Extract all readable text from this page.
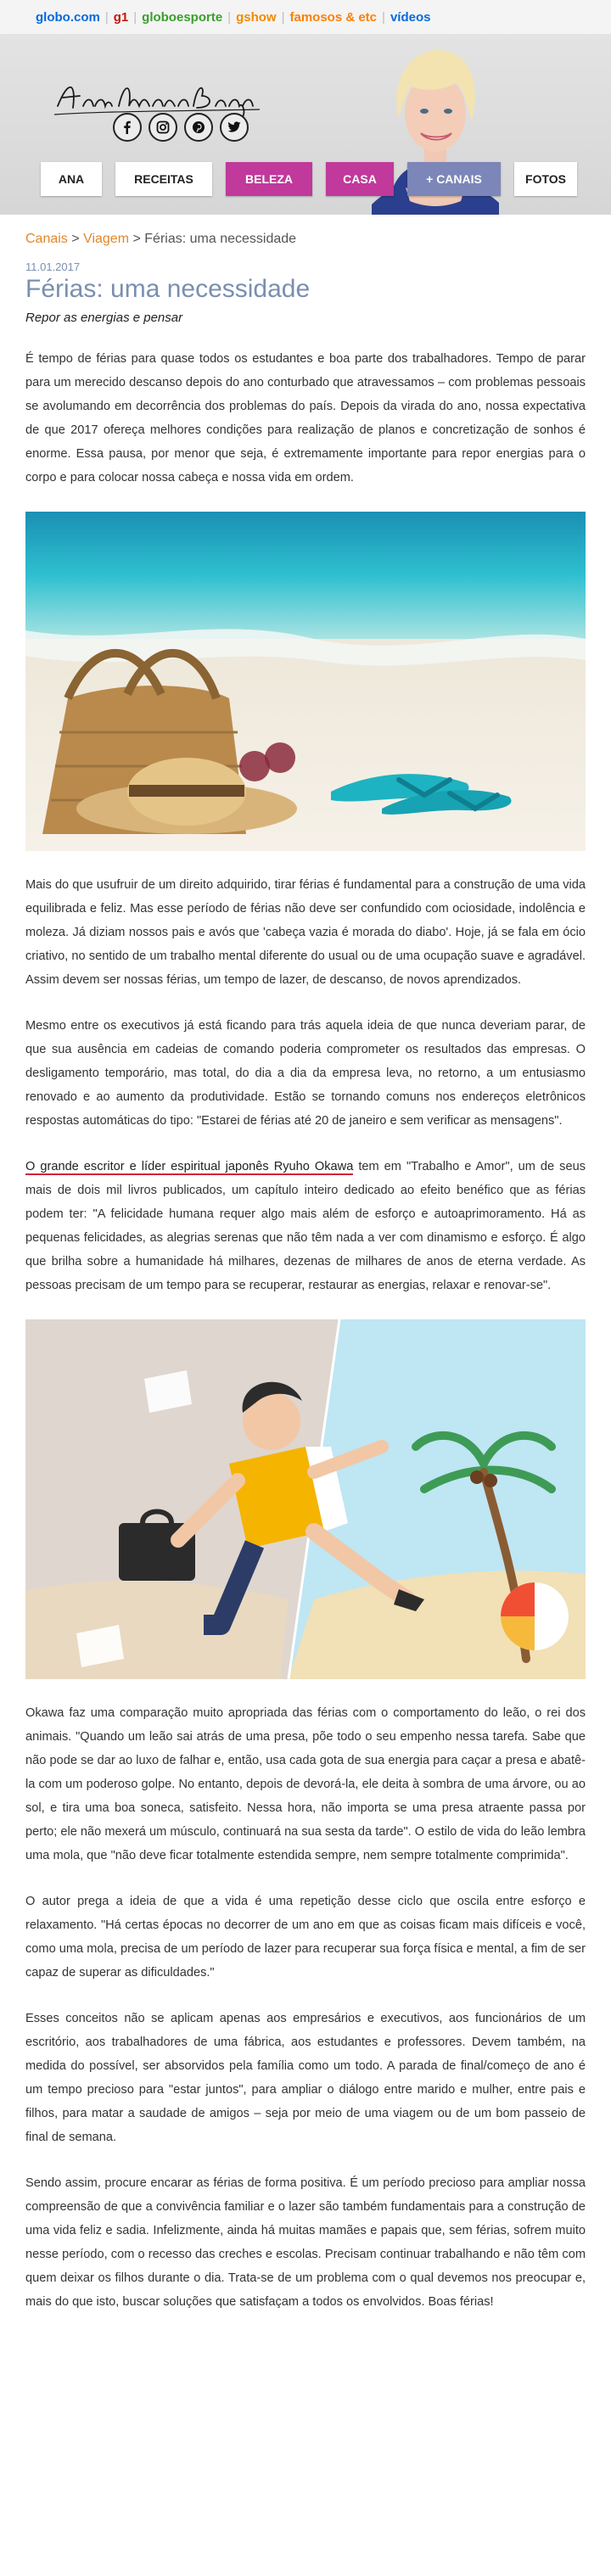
globo.com | g1 | globoesporte | gshow | famosos & etc | vídeos
ANA	RECEITAS	BELEZA	CASA	+ CANAIS	FOTOS
Canais > Viagem > Férias: uma necessidade
11.01.2017
Férias: uma necessidade
Repor as energias e pensar

É tempo de férias para quase todos os estudantes e boa parte dos trabalhadores. Tempo de parar para um merecido descanso depois do ano conturbado que atravessamos – com problemas pessoais se avolumando em decorrência dos problemas do país. Depois da virada do ano, nossa expectativa de que 2017 ofereça melhores condições para realização de planos e concretização de sonhos é enorme. Essa pausa, por menor que seja, é extremamente importante para repor energias para o corpo e para colocar nossa cabeça e nossa vida em ordem.

Mais do que usufruir de um direito adquirido, tirar férias é fundamental para a construção de uma vida equilibrada e feliz. Mas esse período de férias não deve ser confundido com ociosidade, indolência e moleza. Já diziam nossos pais e avós que 'cabeça vazia é morada do diabo'. Hoje, já se fala em ócio criativo, no sentido de um trabalho mental diferente do usual ou de uma ocupação suave e agradável. Assim devem ser nossas férias, um tempo de lazer, de descanso, de novos aprendizados.

Mesmo entre os executivos já está ficando para trás aquela ideia de que nunca deveriam parar, de que sua ausência em cadeias de comando poderia comprometer os resultados das empresas. O desligamento temporário, mas total, do dia a dia da empresa leva, no retorno, a um entusiasmo renovado e ao aumento da produtividade. Estão se tornando comuns nos endereços eletrônicos respostas automáticas do tipo: "Estarei de férias até 20 de janeiro e sem verificar as mensagens".

O grande escritor e líder espiritual japonês Ryuho Okawa tem em "Trabalho e Amor", um de seus mais de dois mil livros publicados, um capítulo inteiro dedicado ao efeito benéfico que as férias podem ter: "A felicidade humana requer algo mais além de esforço e autoaprimoramento. Há as pequenas felicidades, as alegrias serenas que não têm nada a ver com dinamismo e esforço. É algo que brilha sobre a humanidade há milhares, dezenas de milhares de anos de eterna verdade. As pessoas precisam de um tempo para se recuperar, restaurar as energias, relaxar e renovar-se".

Okawa faz uma comparação muito apropriada das férias com o comportamento do leão, o rei dos animais. "Quando um leão sai atrás de uma presa, põe todo o seu empenho nessa tarefa. Sabe que não pode se dar ao luxo de falhar e, então, usa cada gota de sua energia para caçar a presa e abatê-la com um poderoso golpe. No entanto, depois de devorá-la, ele deita à sombra de uma árvore, ou ao sol, e tira uma boa soneca, satisfeito. Nessa hora, não importa se uma presa atraente passa por perto; ele não mexerá um músculo, continuará na sua sesta da tarde". O estilo de vida do leão lembra uma mola, que "não deve ficar totalmente estendida sempre, nem sempre totalmente comprimida".

O autor prega a ideia de que a vida é uma repetição desse ciclo que oscila entre esforço e relaxamento. "Há certas épocas no decorrer de um ano em que as coisas ficam mais difíceis e você, como uma mola, precisa de um período de lazer para recuperar sua força física e mental, a fim de ser capaz de superar as dificuldades."

Esses conceitos não se aplicam apenas aos empresários e executivos, aos funcionários de um escritório, aos trabalhadores de uma fábrica, aos estudantes e professores. Devem também, na medida do possível, ser absorvidos pela família como um todo. A parada de final/começo de ano é um tempo precioso para "estar juntos", para ampliar o diálogo entre marido e mulher, entre pais e filhos, para matar a saudade de amigos – seja por meio de uma viagem ou de um bom passeio de final de semana.

Sendo assim, procure encarar as férias de forma positiva. É um período precioso para ampliar nossa compreensão de que a convivência familiar e o lazer são também fundamentais para a construção de uma vida feliz e sadia. Infelizmente, ainda há muitas mamães e papais que, sem férias, sofrem muito nesse período, com o recesso das creches e escolas. Precisam continuar trabalhando e não têm com quem deixar os filhos durante o dia. Trata-se de um problema com o qual devemos nos preocupar e, mais do que isto, buscar soluções que satisfaçam a todos os envolvidos. Boas férias!
